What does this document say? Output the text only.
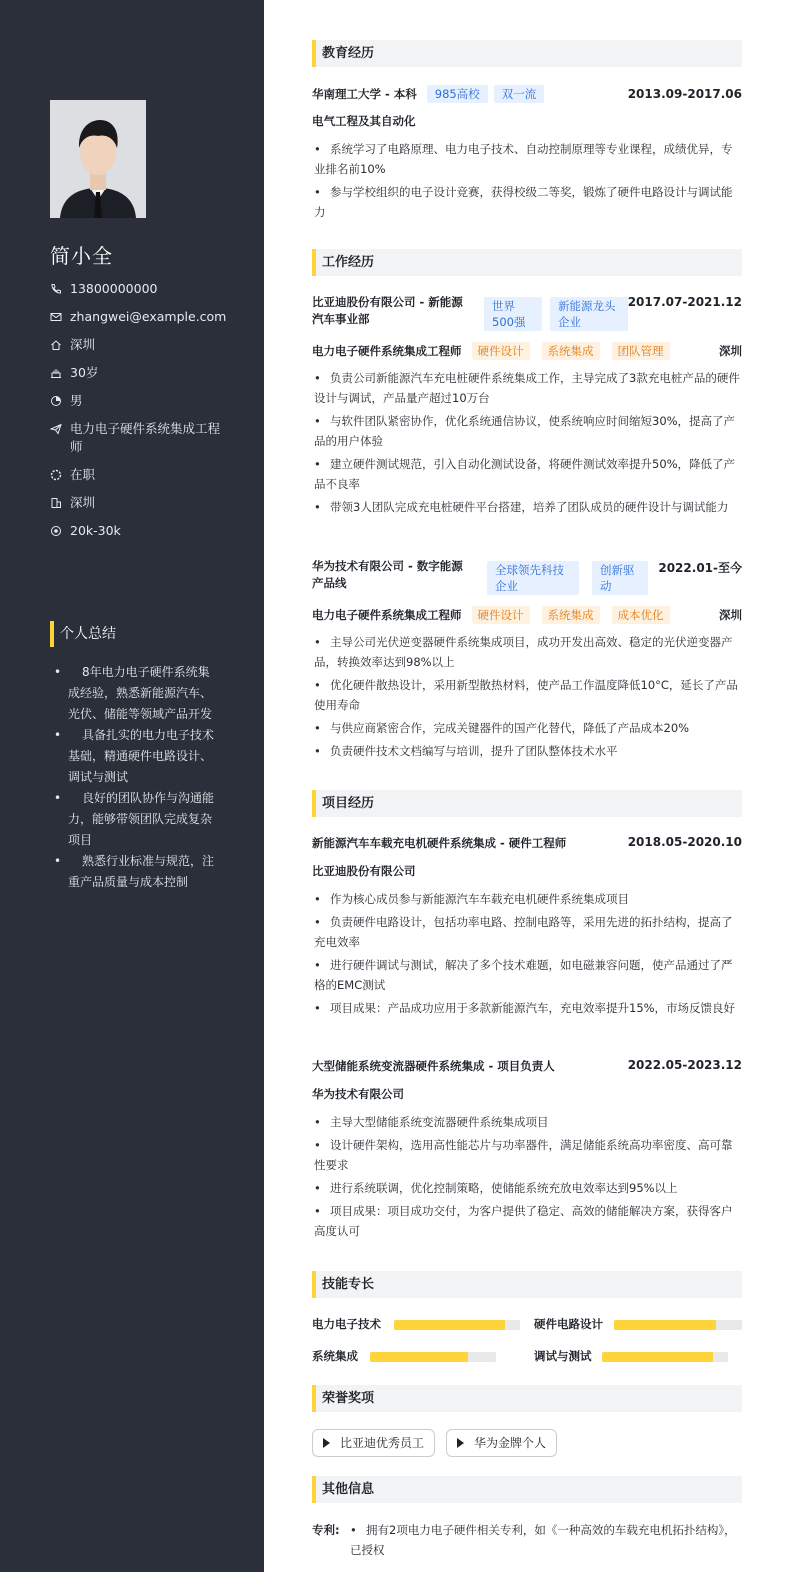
简小全
13800000000
zhangwei@example.com
深圳
30岁
男
电力电子硬件系统集成工程师
在职
深圳
20k-30k
个人总结
• 8年电力电子硬件系统集成经验，熟悉新能源汽车、光伏、储能等领域产品开发
• 具备扎实的电力电子技术基础，精通硬件电路设计、调试与测试
• 良好的团队协作与沟通能力，能够带领团队完成复杂项目
• 熟悉行业标准与规范，注重产品质量与成本控制
教育经历
华南理工大学 - 本科	985高校	双一流	2013.09-2017.06
电气工程及其自动化
• 系统学习了电路原理、电力电子技术、自动控制原理等专业课程，成绩优异，专业排名前10%
• 参与学校组织的电子设计竞赛，获得校级二等奖，锻炼了硬件电路设计与调试能力
工作经历
比亚迪股份有限公司 - 新能源汽车事业部
世界500强
新能源龙头企业
2017.07-2021.12
电力电子硬件系统集成工程师	硬件设计	系统集成	团队管理	深圳
• 负责公司新能源汽车充电桩硬件系统集成工作，主导完成了3款充电桩产品的硬件设计与调试，产品量产超过10万台
• 与软件团队紧密协作，优化系统通信协议，使系统响应时间缩短30%，提高了产品的用户体验
• 建立硬件测试规范，引入自动化测试设备，将硬件测试效率提升50%，降低了产品不良率
• 带领3人团队完成充电桩硬件平台搭建，培养了团队成员的硬件设计与调试能力
华为技术有限公司 - 数字能源产品线
全球领先科技企业
创新驱动
2022.01-至今
电力电子硬件系统集成工程师	硬件设计	系统集成	成本优化	深圳
• 主导公司光伏逆变器硬件系统集成项目，成功开发出高效、稳定的光伏逆变器产品，转换效率达到98%以上
• 优化硬件散热设计，采用新型散热材料，使产品工作温度降低10°C，延长了产品使用寿命
• 与供应商紧密合作，完成关键器件的国产化替代，降低了产品成本20%
• 负责硬件技术文档编写与培训，提升了团队整体技术水平
项目经历
新能源汽车车载充电机硬件系统集成 - 硬件工程师	2018.05-2020.10
比亚迪股份有限公司
• 作为核心成员参与新能源汽车车载充电机硬件系统集成项目
• 负责硬件电路设计，包括功率电路、控制电路等，采用先进的拓扑结构，提高了充电效率
• 进行硬件调试与测试，解决了多个技术难题，如电磁兼容问题，使产品通过了严格的EMC测试
• 项目成果：产品成功应用于多款新能源汽车，充电效率提升15%，市场反馈良好
大型储能系统变流器硬件系统集成 - 项目负责人	2022.05-2023.12
华为技术有限公司
• 主导大型储能系统变流器硬件系统集成项目
• 设计硬件架构，选用高性能芯片与功率器件，满足储能系统高功率密度、高可靠性要求
• 进行系统联调，优化控制策略，使储能系统充放电效率达到95%以上
• 项目成果：项目成功交付，为客户提供了稳定、高效的储能解决方案，获得客户高度认可
技能专长
电力电子技术	硬件电路设计
系统集成	调试与测试
荣誉奖项
比亚迪优秀员工	华为金牌个人
其他信息
专利:
•	拥有2项电力电子硬件相关专利，如《一种高效的车载充电机拓扑结构》，已授权
